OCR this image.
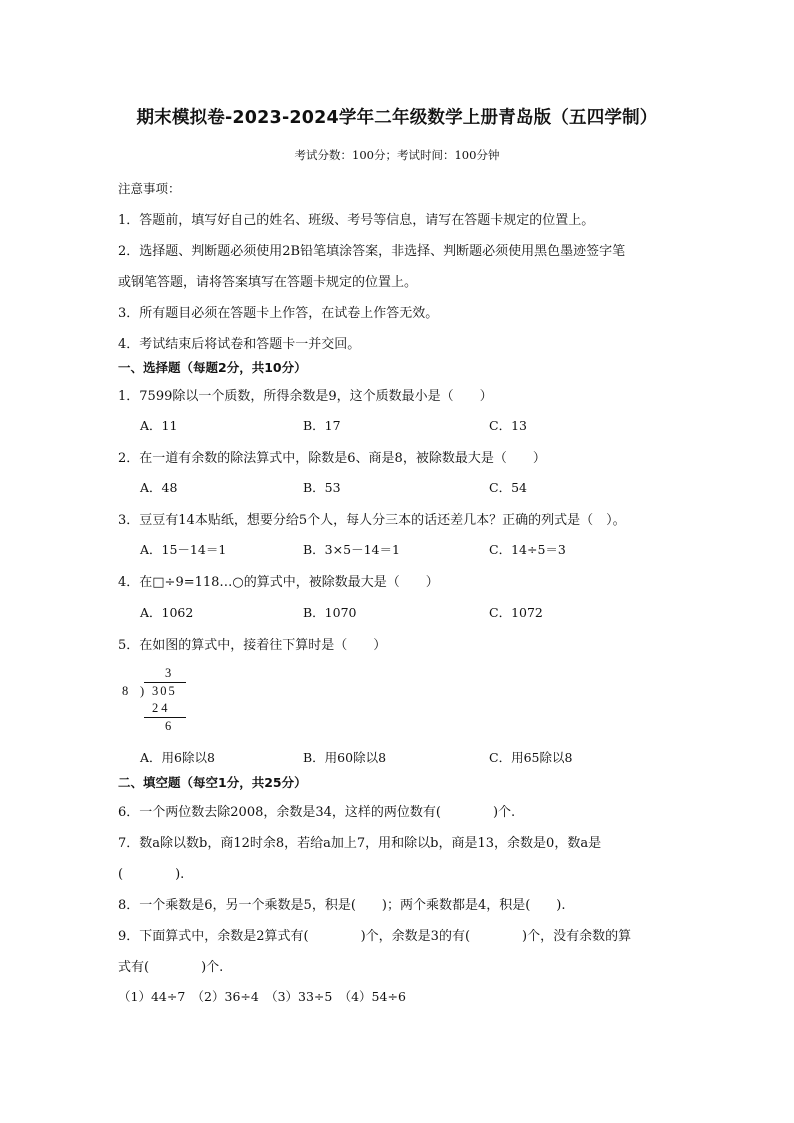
期末模拟卷-2023-2024学年二年级数学上册青岛版（五四学制）
考试分数：100分；考试时间：100分钟
注意事项：
1．答题前，填写好自己的姓名、班级、考号等信息，请写在答题卡规定的位置上。
2．选择题、判断题必须使用2B铅笔填涂答案，非选择、判断题必须使用黑色墨迹签字笔
或钢笔答题，请将答案填写在答题卡规定的位置上。
3．所有题目必须在答题卡上作答，在试卷上作答无效。
4．考试结束后将试卷和答题卡一并交回。
一、选择题（每题2分，共10分）
1．7599除以一个质数，所得余数是9，这个质数最小是（　　）
A．11	B．17	C．13
2．在一道有余数的除法算式中，除数是6、商是8，被除数最大是（　　）
A．48	B．53	C．54
3．豆豆有14本贴纸，想要分给5个人，每人分三本的话还差几本？正确的列式是（　）。
A．15－14＝1	B．3×5－14＝1	C．14÷5＝3
4．在□÷9=118…○的算式中，被除数最大是（　　）
A．1062	B．1070	C．1072
5．在如图的算式中，接着往下算时是（　　）
3
8 ) 305
24
6
A．用6除以8	B．用60除以8	C．用65除以8
二、填空题（每空1分，共25分）
6．一个两位数去除2008，余数是34，这样的两位数有(　　　　)个.
7．数a除以数b，商12时余8，若给a加上7，用和除以b，商是13，余数是0，数a是
(　　　　).
8．一个乘数是6，另一个乘数是5，积是(　　)；两个乘数都是4，积是(　　).
9．下面算式中，余数是2算式有(　　　　)个，余数是3的有(　　　　)个，没有余数的算
式有(　　　　)个.
（1）44÷7　（2）36÷4　（3）33÷5　（4）54÷6
